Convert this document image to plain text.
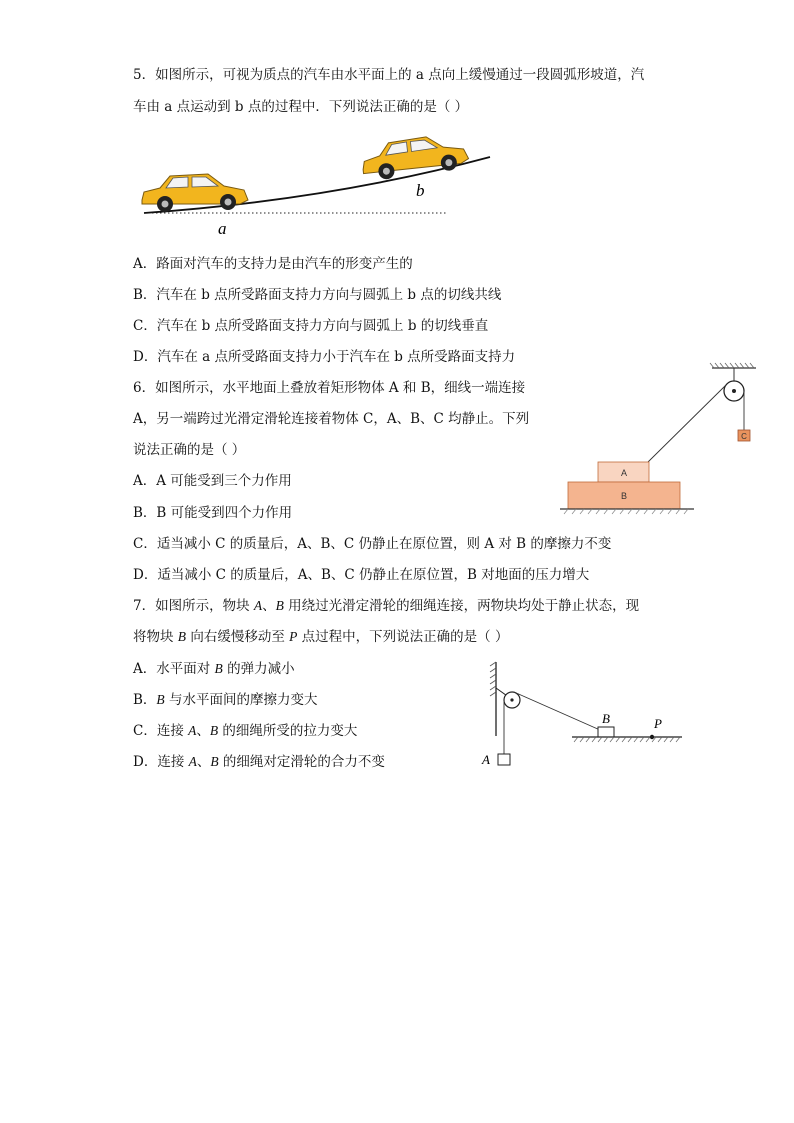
5．如图所示，可视为质点的汽车由水平面上的 a 点向上缓慢通过一段圆弧形坡道，汽
车由 a 点运动到 b 点的过程中．下列说法正确的是（ ）
a
b
A．路面对汽车的支持力是由汽车的形变产生的
B．汽车在 b 点所受路面支持力方向与圆弧上 b 点的切线共线
C．汽车在 b 点所受路面支持力方向与圆弧上 b 的切线垂直
D．汽车在 a 点所受路面支持力小于汽车在 b 点所受路面支持力
6．如图所示，水平地面上叠放着矩形物体 A 和 B，细线一端连接
A，另一端跨过光滑定滑轮连接着物体 C，A、B、C 均静止。下列
说法正确的是（ ）
C
A
B
A．A 可能受到三个力作用
B．B 可能受到四个力作用
C．适当减小 C 的质量后，A、B、C 仍静止在原位置，则 A 对 B 的摩擦力不变
D．适当减小 C 的质量后，A、B、C 仍静止在原位置，B 对地面的压力增大
7．如图所示，物块 A、B 用绕过光滑定滑轮的细绳连接，两物块均处于静止状态，现
将物块 B 向右缓慢移动至 P 点过程中，下列说法正确的是（ ）
A．水平面对 B 的弹力减小
B．B 与水平面间的摩擦力变大
C．连接 A、B 的细绳所受的拉力变大
D．连接 A、B 的细绳对定滑轮的合力不变	A
B	P
